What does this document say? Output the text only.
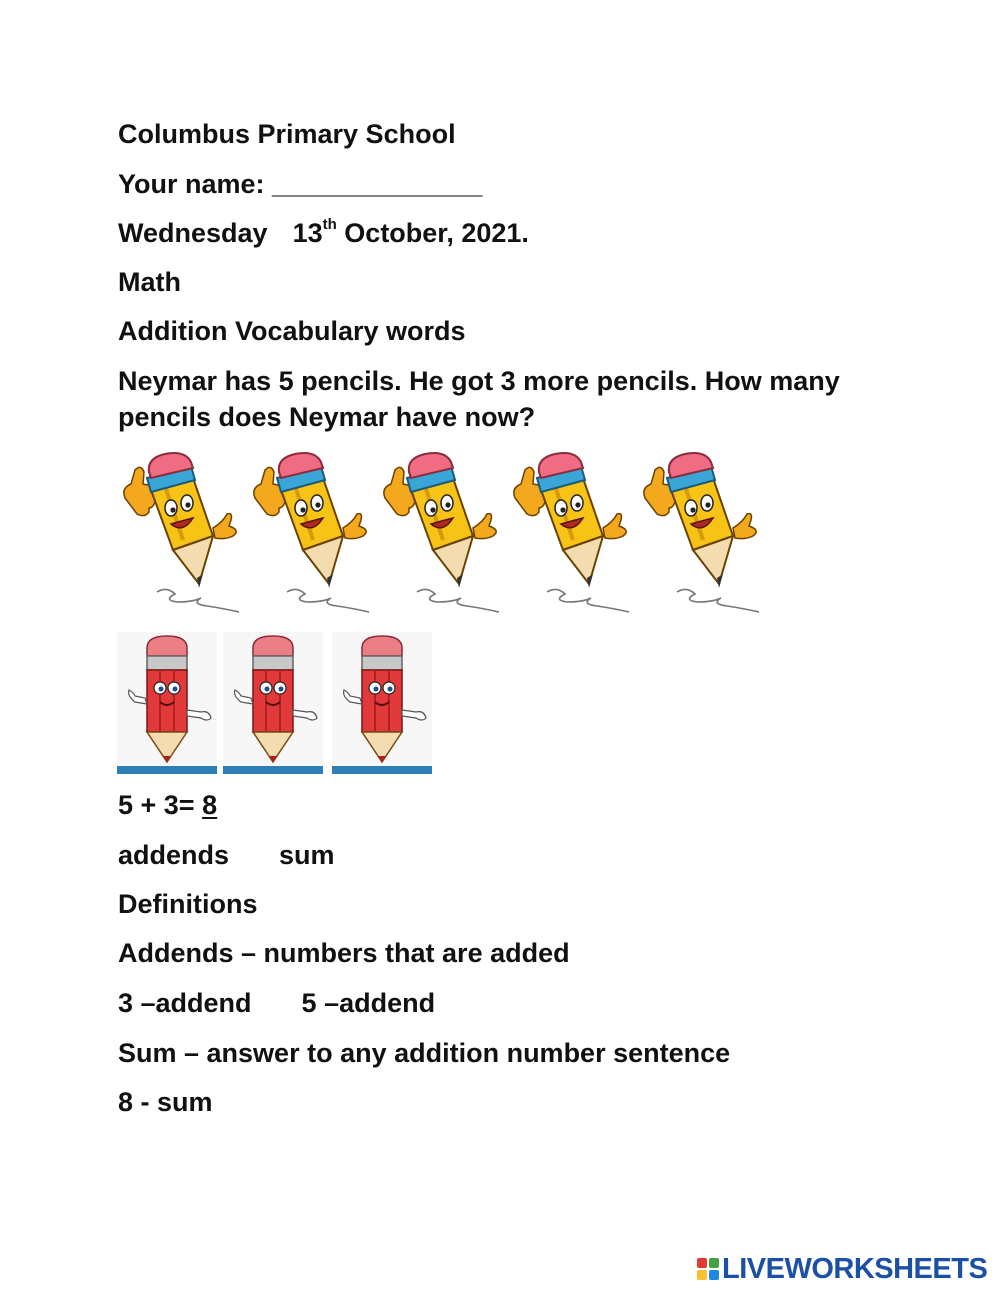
Columbus Primary School
Your name: ______________
Wednesday 13th October, 2021.
Math
Addition Vocabulary words
Neymar has 5 pencils. He got 3 more pencils. How many pencils does Neymar have now?
5 + 3= 8
addends sum
Definitions
Addends – numbers that are added
3 –addend 5 –addend
Sum – answer to any addition number sentence
8 - sum
LIVEWORKSHEETS
